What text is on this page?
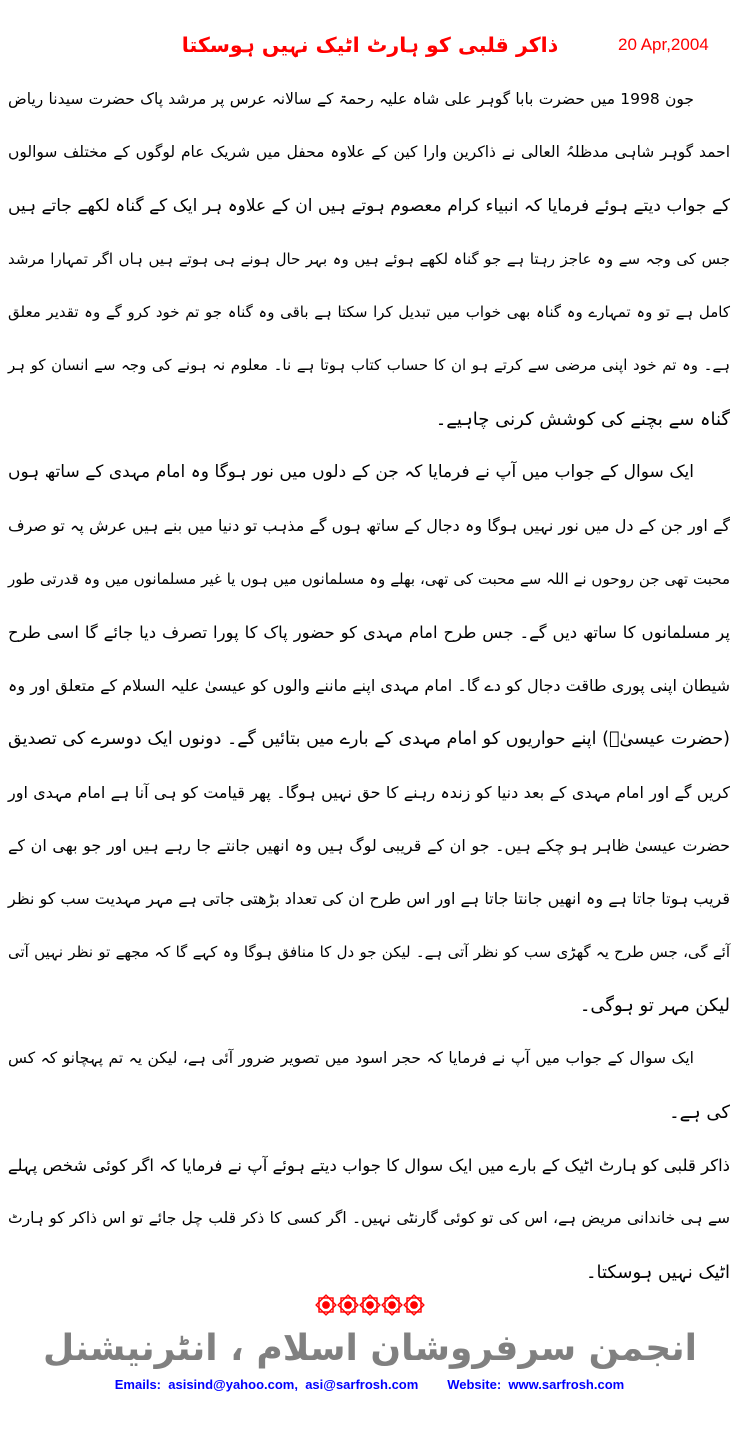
ذاکر قلبی کو ہارٹ اٹیک نہیں ہوسکتا	20 Apr,2004
جون 1998 میں حضرت بابا گوہر علی شاہ علیہ رحمۃ کے سالانہ عرس پر مرشد پاک حضرت سیدنا ریاض
احمد گوہر شاہی مدظلہُ العالی نے ذاکرین وارا کین کے علاوہ محفل میں شریک عام لوگوں کے مختلف سوالوں
کے جواب دیتے ہوئے فرمایا کہ انبیاء کرام معصوم ہوتے ہیں ان کے علاوہ ہر ایک کے گناہ لکھے جاتے ہیں
جس کی وجہ سے وہ عاجز رہتا ہے جو گناہ لکھے ہوئے ہیں وہ بہر حال ہونے ہی ہوتے ہیں ہاں اگر تمہارا مرشد
کامل ہے تو وہ تمہارے وہ گناہ بھی خواب میں تبدیل کرا سکتا ہے باقی وہ گناہ جو تم خود کرو گے وہ تقدیر معلق
ہے۔ وہ تم خود اپنی مرضی سے کرتے ہو ان کا حساب کتاب ہوتا ہے نا۔ معلوم نہ ہونے کی وجہ سے انسان کو ہر
گناہ سے بچنے کی کوشش کرنی چاہیے۔
ایک سوال کے جواب میں آپ نے فرمایا کہ جن کے دلوں میں نور ہوگا وہ امام مہدی کے ساتھ ہوں
گے اور جن کے دل میں نور نہیں ہوگا وہ دجال کے ساتھ ہوں گے مذہب تو دنیا میں بنے ہیں عرش پہ تو صرف
محبت تھی جن روحوں نے اللہ سے محبت کی تھی، بھلے وہ مسلمانوں میں ہوں یا غیر مسلمانوں میں وہ قدرتی طور
پر مسلمانوں کا ساتھ دیں گے۔ جس طرح امام مہدی کو حضور پاک کا پورا تصرف دیا جائے گا اسی طرح
شیطان اپنی پوری طاقت دجال کو دے گا۔ امام مہدی اپنے ماننے والوں کو عیسیٰ علیہ السلام کے متعلق اور وہ
(حضرت عیسیٰؑ) اپنے حواریوں کو امام مہدی کے بارے میں بتائیں گے۔ دونوں ایک دوسرے کی تصدیق
کریں گے اور امام مہدی کے بعد دنیا کو زندہ رہنے کا حق نہیں ہوگا۔ پھر قیامت کو ہی آنا ہے امام مہدی اور
حضرت عیسیٰ ظاہر ہو چکے ہیں۔ جو ان کے قریبی لوگ ہیں وہ انھیں جانتے جا رہے ہیں اور جو بھی ان کے
قریب ہوتا جاتا ہے وہ انھیں جانتا جاتا ہے اور اس طرح ان کی تعداد بڑھتی جاتی ہے مہر مہدیت سب کو نظر
آئے گی، جس طرح یہ گھڑی سب کو نظر آتی ہے۔ لیکن جو دل کا منافق ہوگا وہ کہے گا کہ مجھے تو نظر نہیں آتی
لیکن مہر تو ہوگی۔
ایک سوال کے جواب میں آپ نے فرمایا کہ حجر اسود میں تصویر ضرور آئی ہے، لیکن یہ تم پہچانو کہ کس
کی ہے۔
ذاکر قلبی کو ہارٹ اٹیک کے بارے میں ایک سوال کا جواب دیتے ہوئے آپ نے فرمایا کہ اگر کوئی شخص پہلے
سے ہی خاندانی مریض ہے، اس کی تو کوئی گارنٹی نہیں۔ اگر کسی کا ذکر قلب چل جائے تو اس ذاکر کو ہارٹ
اٹیک نہیں ہوسکتا۔
انجمن سرفروشان اسلام ، انٹرنیشنل
Emails: asisind@yahoo.com, asi@sarfrosh.com Website: www.sarfrosh.com
